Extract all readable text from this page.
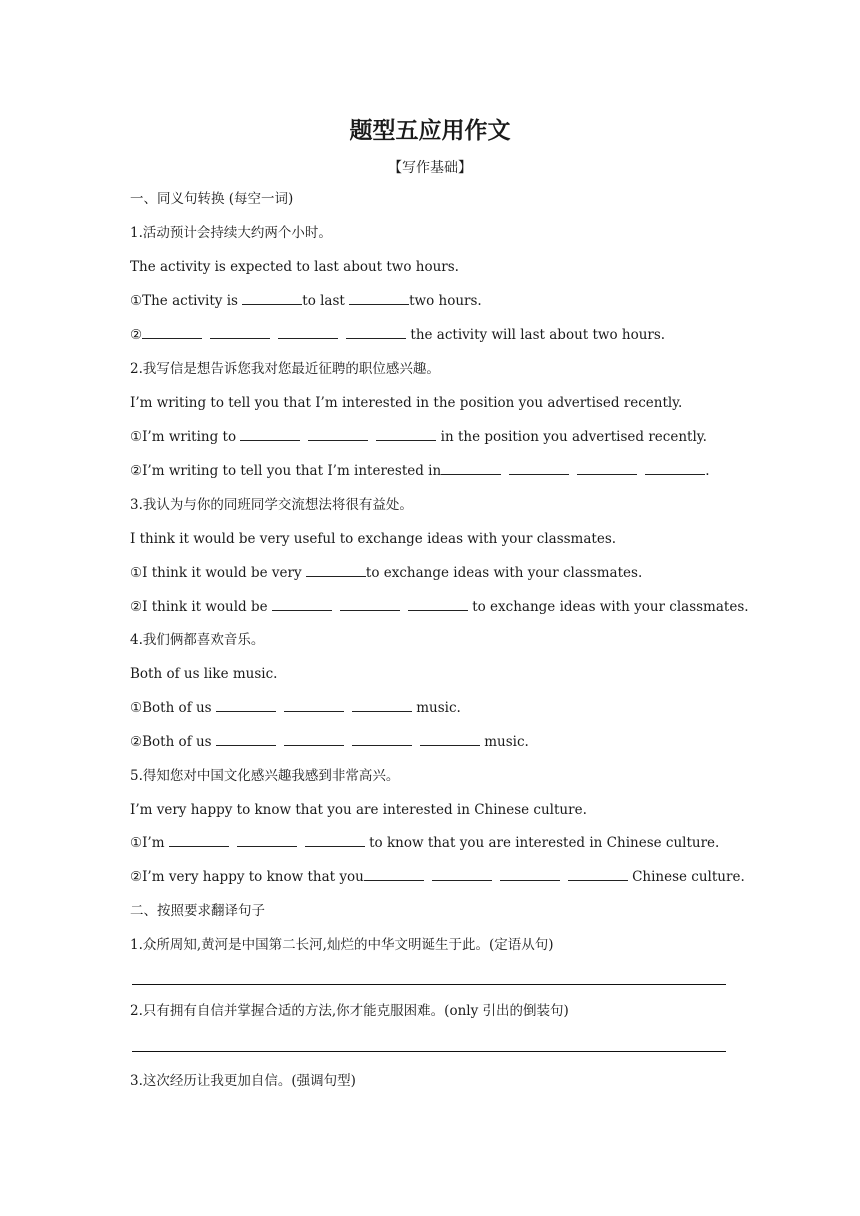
题型五应用作文
【写作基础】
一、同义句转换 (每空一词)
1.活动预计会持续大约两个小时。
The activity is expected to last about two hours.
①The activity is	to last	two hours.
②	the activity will last about two hours.
2.我写信是想告诉您我对您最近征聘的职位感兴趣。
I’m writing to tell you that I’m interested in the position you advertised recently.
①I’m writing to	in the position you advertised recently.
②I’m writing to tell you that I’m interested in	.
3.我认为与你的同班同学交流想法将很有益处。
I think it would be very useful to exchange ideas with your classmates.
①I think it would be very	to exchange ideas with your classmates.
②I think it would be	to exchange ideas with your classmates.
4.我们俩都喜欢音乐。
Both of us like music.
①Both of us	music.
②Both of us	music.
5.得知您对中国文化感兴趣我感到非常高兴。
I’m very happy to know that you are interested in Chinese culture.
①I’m	to know that you are interested in Chinese culture.
②I’m very happy to know that you	Chinese culture.
二、按照要求翻译句子
1.众所周知,黄河是中国第二长河,灿烂的中华文明诞生于此。(定语从句)
2.只有拥有自信并掌握合适的方法,你才能克服困难。(only 引出的倒装句)
3.这次经历让我更加自信。(强调句型)
